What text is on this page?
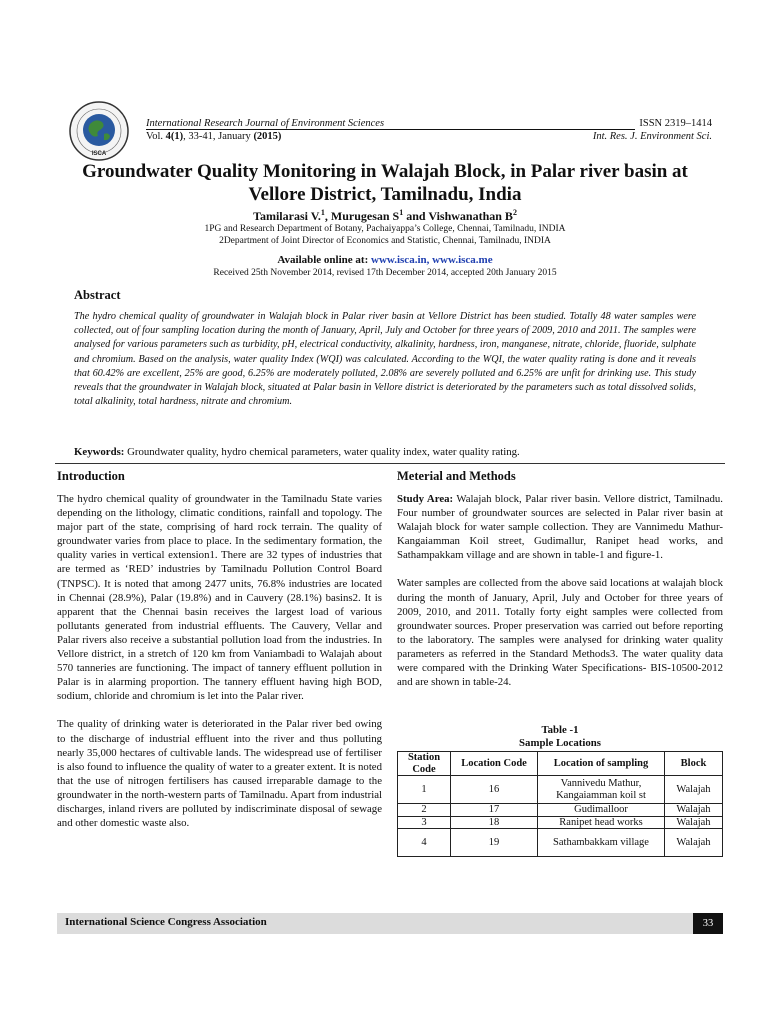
ISCA
International Research Journal of Environment Sciences	ISSN 2319–1414
Vol. 4(1), 33-41, January (2015)	Int. Res. J. Environment Sci.
Groundwater Quality Monitoring in Walajah Block, in Palar river basin at
Vellore District, Tamilnadu, India
Tamilarasi V.$^1$, Murugesan $S^1$ and Vishwanathan $B^2$
1PG and Research Department of Botany, Pachaiyappa’s College, Chennai, Tamilnadu, INDIA
2Department of Joint Director of Economics and Statistic, Chennai, Tamilnadu, INDIA
Available online at: www.isca.in, www.isca.me
Received 25th November 2014, revised 17th December 2014, accepted 20th January 2015
Abstract
The hydro chemical quality of groundwater in Walajah block in Palar river basin at Vellore District has been studied. Totally 48 water samples were collected, out of four sampling location during the month of January, April, July and October for three years of 2009, 2010 and 2011. The samples were analysed for various parameters such as turbidity, pH, electrical conductivity, alkalinity, hardness, iron, manganese, nitrate, chloride, fluoride, sulphate and chromium. Based on the analysis, water quality Index (WQI) was calculated. According to the WQI, the water quality rating is done and it reveals that 60.42% are excellent, 25% are good, 6.25% are moderately polluted, 2.08% are severely polluted and 6.25% are unfit for drinking use. This study reveals that the groundwater in Walajah block, situated at Palar basin in Vellore district is deteriorated by the parameters such as total dissolved solids, total alkalinity, total hardness, nitrate and chromium.
Keywords: Groundwater quality, hydro chemical parameters, water quality index, water quality rating.
Introduction

The hydro chemical quality of groundwater in the Tamilnadu State varies depending on the lithology, climatic conditions, rainfall and topology. The major part of the state, comprising of hard rock terrain. The quality of groundwater varies from place to place. In the sedimentary formation, the quality varies in vertical extension1. There are 32 types of industries that are termed as ‘RED’ industries by Tamilnadu Pollution Control Board (TNPSC). It is noted that among 2477 units, 76.8% industries are located in Chennai (28.9%), Palar (19.8%) and in Cauvery (28.1%) basins2. It is apparent that the Chennai basin receives the largest load of various pollutants generated from industrial effluents. The Cauvery, Vellar and Palar rivers also receive a substantial pollution load from the industries. In Vellore district, in a stretch of 120 km from Vaniambadi to Walajah about 570 tanneries are functioning. The impact of tannery effluent pollution in Palar is in alarming proportion. The tannery effluent having high BOD, sodium, chloride and chromium is let into the Palar river.

The quality of drinking water is deteriorated in the Palar river bed owing to the discharge of industrial effluent into the river and thus polluting nearly 35,000 hectares of cultivable lands. The widespread use of fertiliser is also found to influence the quality of water to a greater extent. It is noted that the use of nitrogen fertilisers has caused irreparable damage to the groundwater in the north-western parts of Tamilnadu. Apart from industrial discharges, inland rivers are polluted by indiscriminate disposal of sewage and other domestic waste also.

Meterial and Methods

Study Area: Walajah block, Palar river basin. Vellore district, Tamilnadu. Four number of groundwater sources are selected in Palar river basin at Walajah block for water sample collection. They are Vannimedu Mathur-Kangaiamman Koil street, Gudimallur, Ranipet head works, and Sathampakkam village and are shown in table-1 and figure-1.

Water samples are collected from the above said locations at walajah block during the month of January, April, July and October for three years of 2009, 2010, and 2011. Totally forty eight samples were collected from groundwater sources. Proper preservation was carried out before reporting to the laboratory. The samples were analysed for drinking water quality parameters as referred in the Standard Methods3. The water quality data were compared with the Drinking Water Specifications- BIS-10500-2012 and are shown in table-24.

Table -1
Sample Locations
Station Code	Location Code	Location of sampling	Block
1	16	Vannivedu Mathur, Kangaiamman koil st	Walajah
2	17	Gudimalloor	Walajah
3	18	Ranipet head works	Walajah
4	19	Sathambakkam village	Walajah
International Science Congress Association	33
